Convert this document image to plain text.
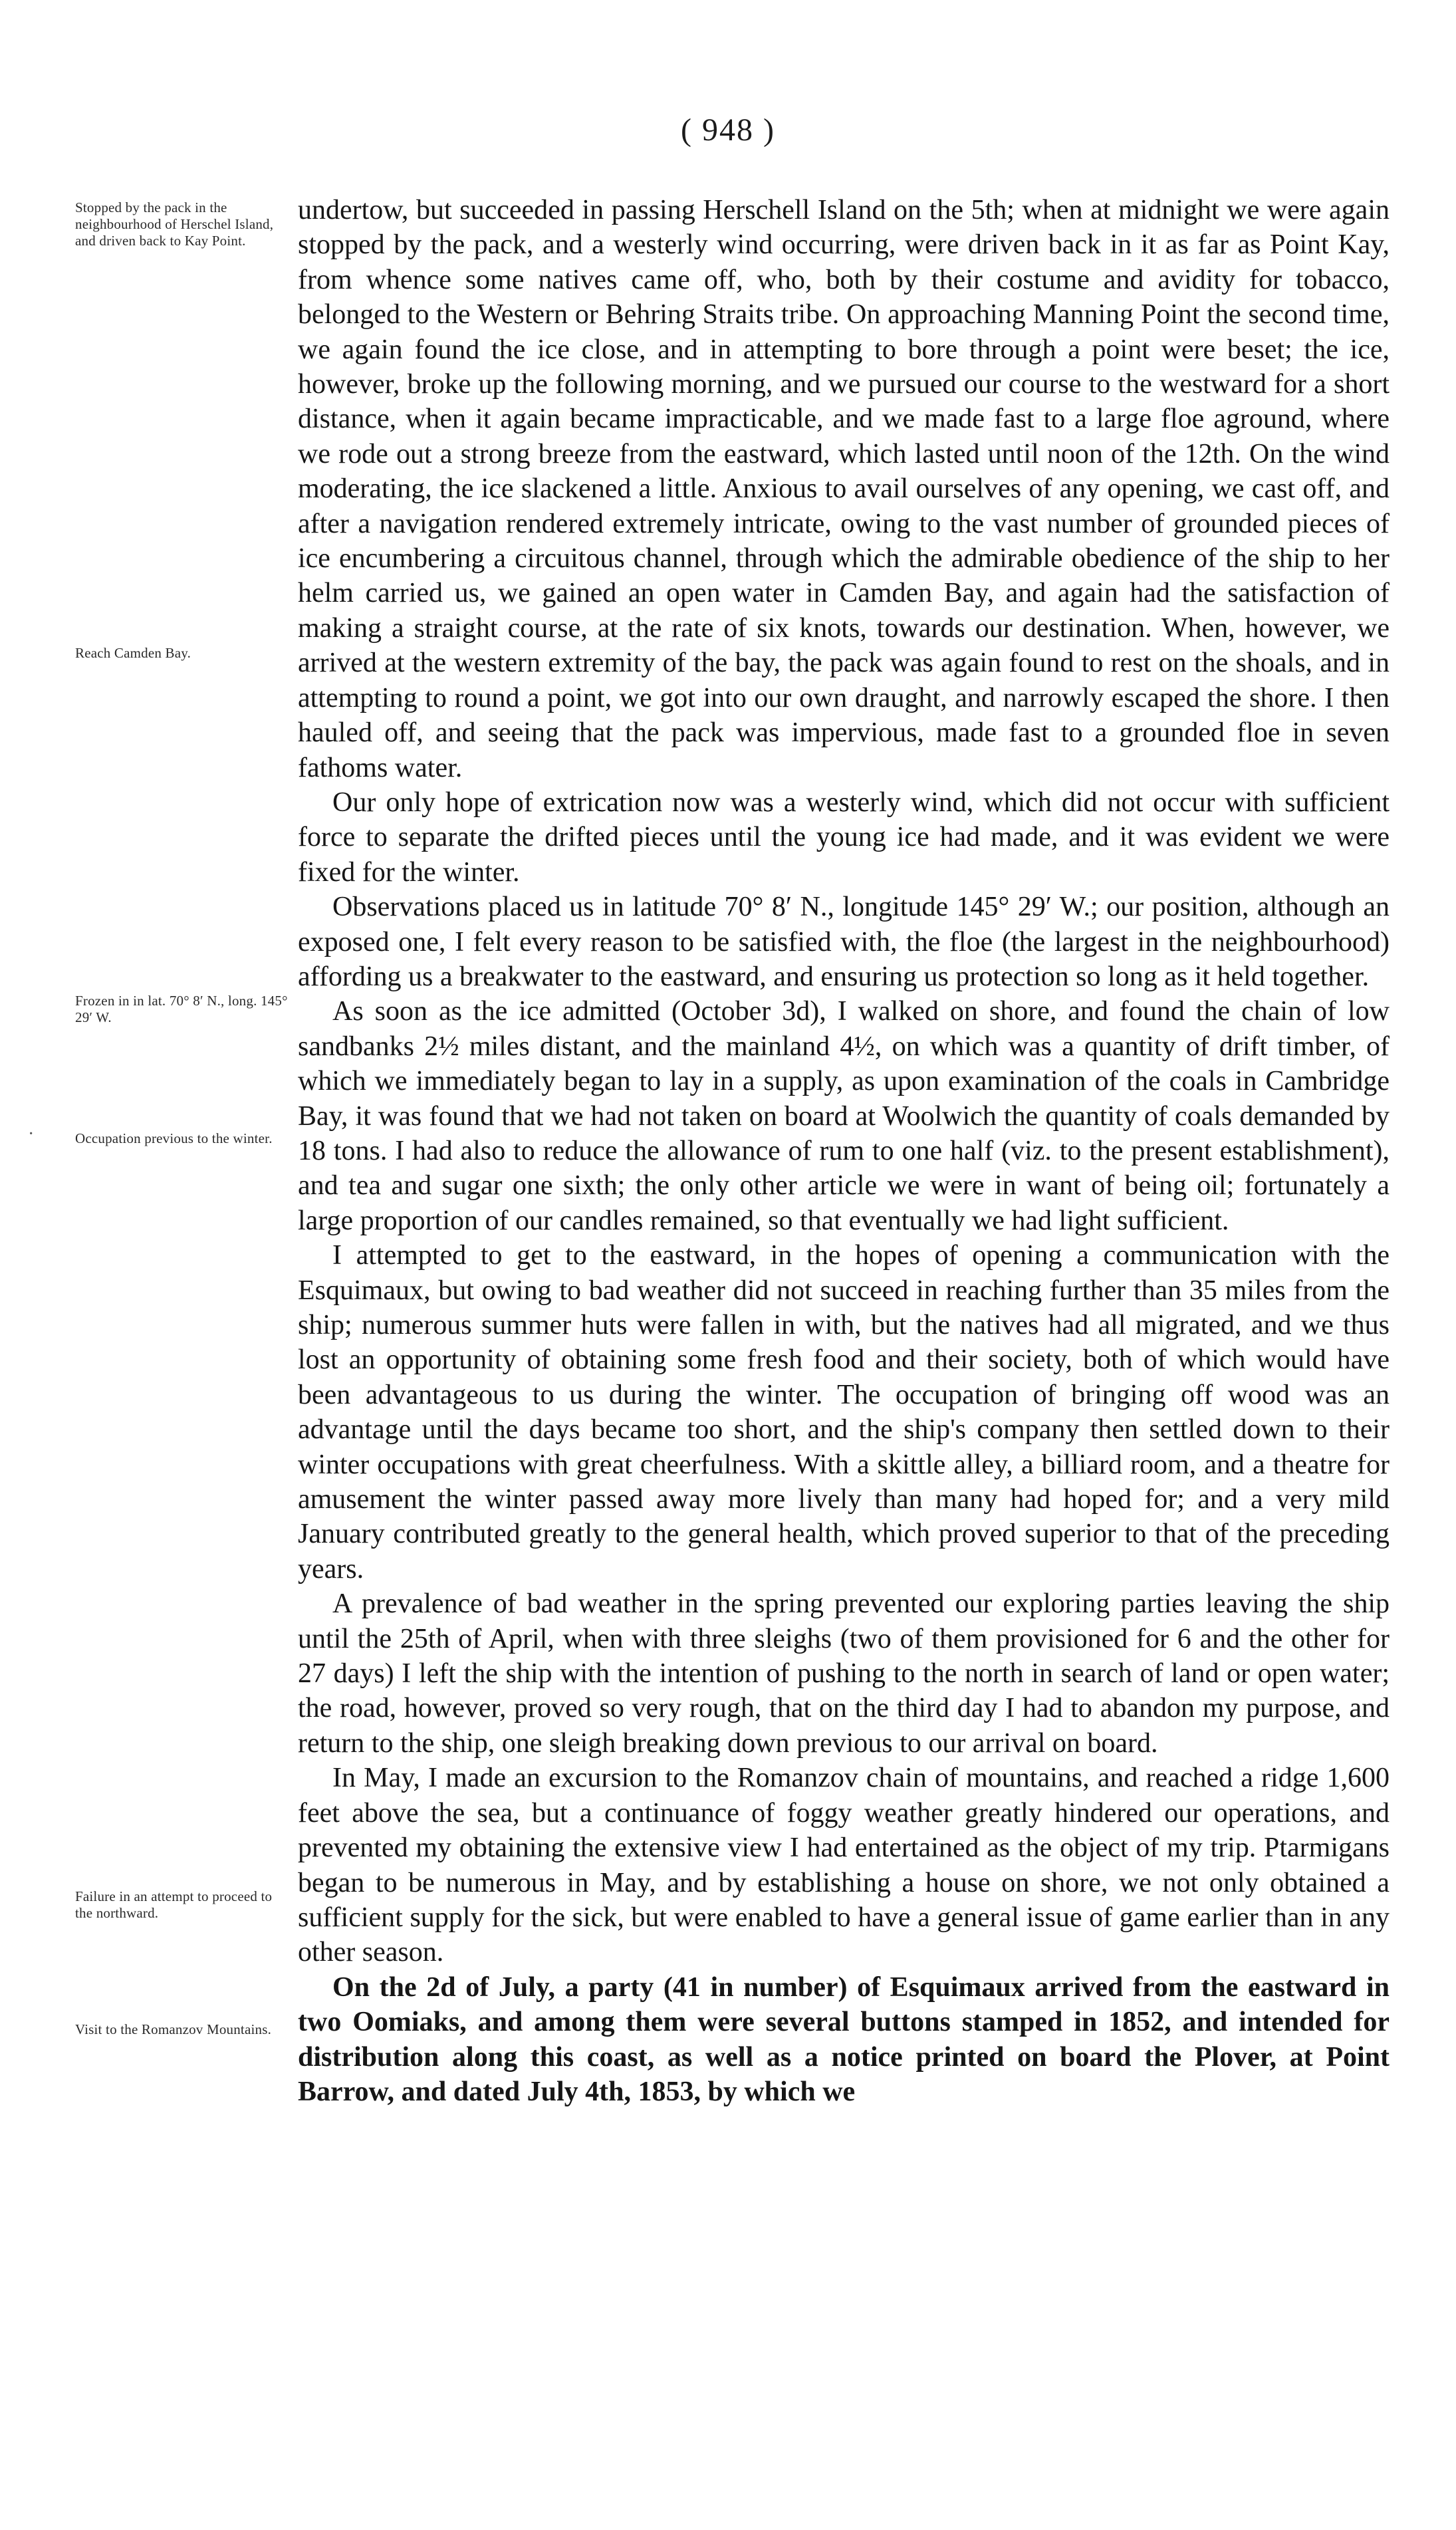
( 948 )
Stopped by the pack in the neighbourhood of Herschel Island, and driven back to Kay Point.
Reach Camden Bay.
Frozen in in lat. 70° 8′ N., long. 145° 29′ W.
Occupation previous to the winter.
Failure in an attempt to proceed to the northward.
Visit to the Romanzov Mountains.
·

undertow, but succeeded in passing Herschell Island on the 5th; when at midnight we were again stopped by the pack, and a westerly wind occurring, were driven back in it as far as Point Kay, from whence some natives came off, who, both by their costume and avidity for tobacco, belonged to the Western or Behring Straits tribe. On approaching Manning Point the second time, we again found the ice close, and in attempting to bore through a point were beset; the ice, however, broke up the following morning, and we pursued our course to the westward for a short distance, when it again became impracticable, and we made fast to a large floe aground, where we rode out a strong breeze from the eastward, which lasted until noon of the 12th. On the wind moderating, the ice slackened a little. Anxious to avail ourselves of any opening, we cast off, and after a navigation rendered extremely intricate, owing to the vast number of grounded pieces of ice encumbering a circuitous channel, through which the admirable obedience of the ship to her helm carried us, we gained an open water in Camden Bay, and again had the satisfaction of making a straight course, at the rate of six knots, towards our destination. When, however, we arrived at the western extremity of the bay, the pack was again found to rest on the shoals, and in attempting to round a point, we got into our own draught, and narrowly escaped the shore. I then hauled off, and seeing that the pack was impervious, made fast to a grounded floe in seven fathoms water.

Our only hope of extrication now was a westerly wind, which did not occur with sufficient force to separate the drifted pieces until the young ice had made, and it was evident we were fixed for the winter.

Observations placed us in latitude 70° 8′ N., longitude 145° 29′ W.; our position, although an exposed one, I felt every reason to be satisfied with, the floe (the largest in the neighbourhood) affording us a breakwater to the eastward, and ensuring us protection so long as it held together.

As soon as the ice admitted (October 3d), I walked on shore, and found the chain of low sandbanks 2½ miles distant, and the mainland 4½, on which was a quantity of drift timber, of which we immediately began to lay in a supply, as upon examination of the coals in Cambridge Bay, it was found that we had not taken on board at Woolwich the quantity of coals demanded by 18 tons. I had also to reduce the allowance of rum to one half (viz. to the present establishment), and tea and sugar one sixth; the only other article we were in want of being oil; fortunately a large proportion of our candles remained, so that eventually we had light sufficient.

I attempted to get to the eastward, in the hopes of opening a communication with the Esquimaux, but owing to bad weather did not succeed in reaching further than 35 miles from the ship; numerous summer huts were fallen in with, but the natives had all migrated, and we thus lost an opportunity of obtaining some fresh food and their society, both of which would have been advantageous to us during the winter. The occupation of bringing off wood was an advantage until the days became too short, and the ship's company then settled down to their winter occupations with great cheerfulness. With a skittle alley, a billiard room, and a theatre for amusement the winter passed away more lively than many had hoped for; and a very mild January contributed greatly to the general health, which proved superior to that of the preceding years.

A prevalence of bad weather in the spring prevented our exploring parties leaving the ship until the 25th of April, when with three sleighs (two of them provisioned for 6 and the other for 27 days) I left the ship with the intention of pushing to the north in search of land or open water; the road, however, proved so very rough, that on the third day I had to abandon my purpose, and return to the ship, one sleigh breaking down previous to our arrival on board.

In May, I made an excursion to the Romanzov chain of mountains, and reached a ridge 1,600 feet above the sea, but a continuance of foggy weather greatly hindered our operations, and prevented my obtaining the extensive view I had entertained as the object of my trip. Ptarmigans began to be numerous in May, and by establishing a house on shore, we not only obtained a sufficient supply for the sick, but were enabled to have a general issue of game earlier than in any other season.

On the 2d of July, a party (41 in number) of Esquimaux arrived from the eastward in two Oomiaks, and among them were several buttons stamped in 1852, and intended for distribution along this coast, as well as a notice printed on board the Plover, at Point Barrow, and dated July 4th, 1853, by which we
